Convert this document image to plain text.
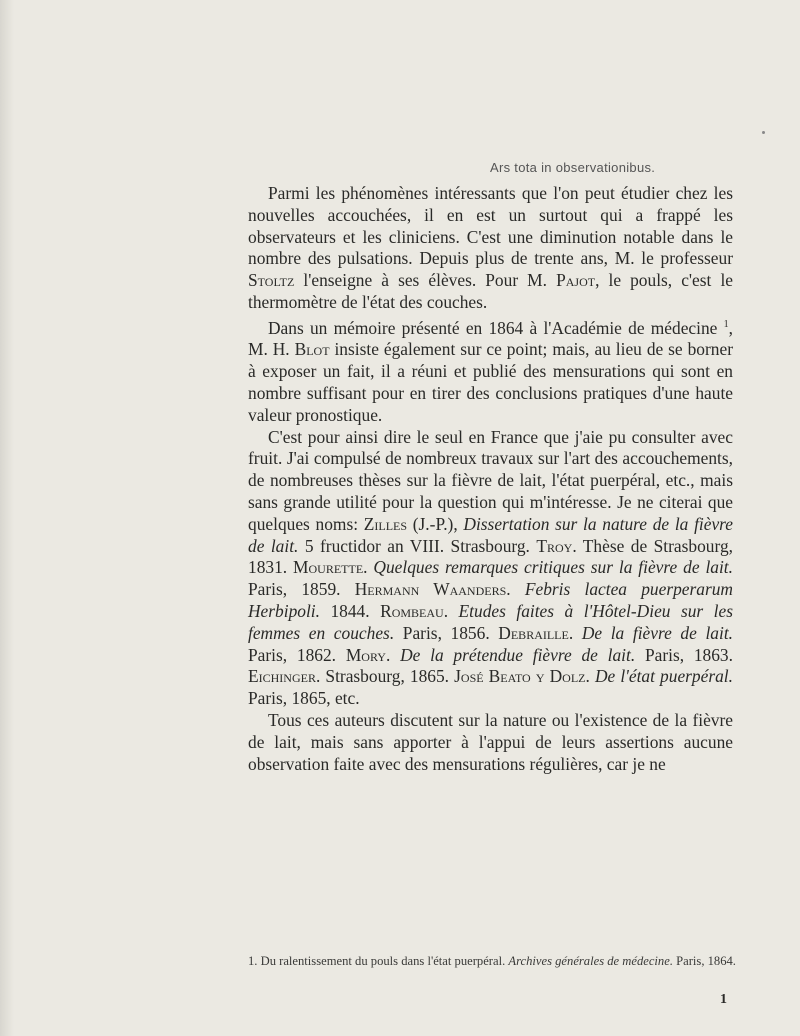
Ars tota in observationibus.

Parmi les phénomènes intéressants que l'on peut étudier chez les nouvelles accouchées, il en est un surtout qui a frappé les observateurs et les cliniciens. C'est une diminution notable dans le nombre des pulsations. Depuis plus de trente ans, M. le professeur Stoltz l'enseigne à ses élèves. Pour M. Pajot, le pouls, c'est le thermomètre de l'état des couches.

Dans un mémoire présenté en 1864 à l'Académie de médecine $^1$, M. H. Blot insiste également sur ce point; mais, au lieu de se borner à exposer un fait, il a réuni et publié des mensurations qui sont en nombre suffisant pour en tirer des conclusions pratiques d'une haute valeur pronostique.

C'est pour ainsi dire le seul en France que j'aie pu consulter avec fruit. J'ai compulsé de nombreux travaux sur l'art des accouchements, de nombreuses thèses sur la fièvre de lait, l'état puerpéral, etc., mais sans grande utilité pour la question qui m'intéresse. Je ne citerai que quelques noms: Zilles (J.-P.), Dissertation sur la nature de la fièvre de lait. 5 fructidor an VIII. Strasbourg. Troy. Thèse de Strasbourg, 1831. Mourette. Quelques remarques critiques sur la fièvre de lait. Paris, 1859. Hermann Waanders. Febris lactea puerperarum Herbipoli. 1844. Rombeau. Etudes faites à l'Hôtel-Dieu sur les femmes en couches. Paris, 1856. Debraille. De la fièvre de lait. Paris, 1862. Mory. De la prétendue fièvre de lait. Paris, 1863. Eichinger. Strasbourg, 1865. José Beato y Dolz. De l'état puerpéral. Paris, 1865, etc.

Tous ces auteurs discutent sur la nature ou l'existence de la fièvre de lait, mais sans apporter à l'appui de leurs assertions aucune observation faite avec des mensurations régulières, car je ne

1. Du ralentissement du pouls dans l'état puerpéral. Archives générales de médecine. Paris, 1864.
1
